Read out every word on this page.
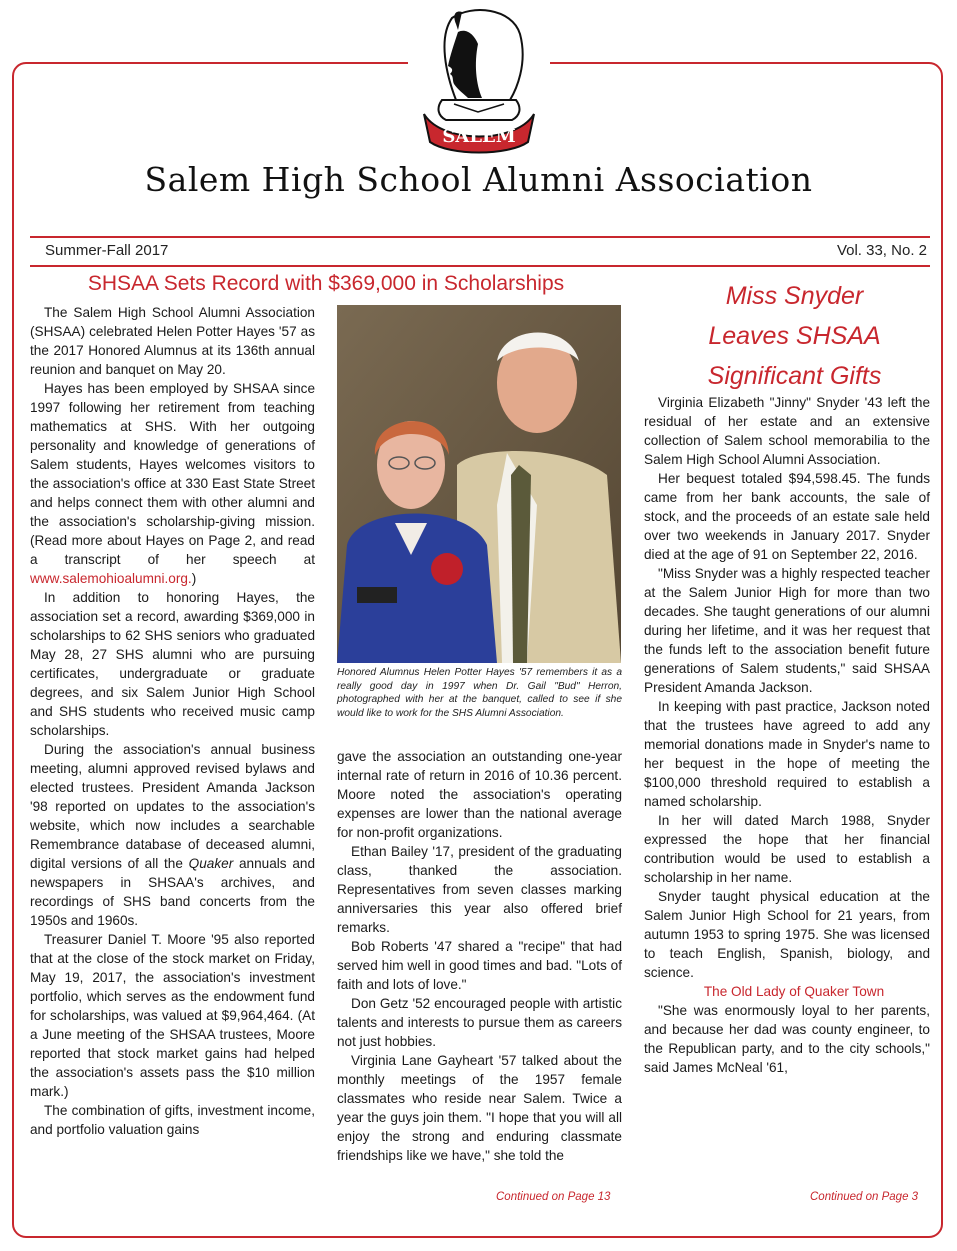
SALEM
Salem High School Alumni Association
Summer-Fall 2017	Vol. 33, No. 2
SHSAA Sets Record with $369,000 in Scholarships

The Salem High School Alumni Association (SHSAA) celebrated Helen Potter Hayes '57 as the 2017 Honored Alumnus at its 136th annual reunion and banquet on May 20.

Hayes has been employed by SHSAA since 1997 following her retirement from teaching mathematics at SHS. With her outgoing personality and knowledge of generations of Salem students, Hayes welcomes visitors to the association's office at 330 East State Street and helps connect them with other alumni and the association's scholarship-giving mission. (Read more about Hayes on Page 2, and read a transcript of her speech at www.salemohioalumni.org.)

In addition to honoring Hayes, the association set a record, awarding $369,000 in scholarships to 62 SHS seniors who graduated May 28, 27 SHS alumni who are pursuing certificates, undergraduate or graduate degrees, and six Salem Junior High School and SHS students who received music camp scholarships.

During the association's annual business meeting, alumni approved revised bylaws and elected trustees. President Amanda Jackson '98 reported on updates to the association's website, which now includes a searchable Remembrance database of deceased alumni, digital versions of all the Quaker annuals and newspapers in SHSAA's archives, and recordings of SHS band concerts from the 1950s and 1960s.

Treasurer Daniel T. Moore '95 also reported that at the close of the stock market on Friday, May 19, 2017, the association's investment portfolio, which serves as the endowment fund for scholarships, was valued at $9,964,464. (At a June meeting of the SHSAA trustees, Moore reported that stock market gains had helped the association's assets pass the $10 million mark.)

The combination of gifts, investment income, and portfolio valuation gains

Honored Alumnus Helen Potter Hayes '57 remembers it as a really good day in 1997 when Dr. Gail "Bud" Herron, photographed with her at the banquet, called to see if she would like to work for the SHS Alumni Association.

gave the association an outstanding one-year internal rate of return in 2016 of 10.36 percent. Moore noted the association's operating expenses are lower than the national average for non-profit organizations.

Ethan Bailey '17, president of the graduating class, thanked the association. Representatives from seven classes marking anniversaries this year also offered brief remarks.

Bob Roberts '47 shared a "recipe" that had served him well in good times and bad. "Lots of faith and lots of love."

Don Getz '52 encouraged people with artistic talents and interests to pursue them as careers not just hobbies.

Virginia Lane Gayheart '57 talked about the monthly meetings of the 1957 female classmates who reside near Salem. Twice a year the guys join them. "I hope that you will all enjoy the strong and enduring classmate friendships like we have," she told the

Continued on Page 13
Miss Snyder
Leaves SHSAA
Significant Gifts

Virginia Elizabeth "Jinny" Snyder '43 left the residual of her estate and an extensive collection of Salem school memorabilia to the Salem High School Alumni Association.

Her bequest totaled $94,598.45. The funds came from her bank accounts, the sale of stock, and the proceeds of an estate sale held over two weekends in January 2017. Snyder died at the age of 91 on September 22, 2016.

"Miss Snyder was a highly respected teacher at the Salem Junior High for more than two decades. She taught generations of our alumni during her lifetime, and it was her request that the funds left to the association benefit future generations of Salem students," said SHSAA President Amanda Jackson.

In keeping with past practice, Jackson noted that the trustees have agreed to add any memorial donations made in Snyder's name to her bequest in the hope of meeting the $100,000 threshold required to establish a named scholarship.

In her will dated March 1988, Snyder expressed the hope that her financial contribution would be used to establish a scholarship in her name.

Snyder taught physical education at the Salem Junior High School for 21 years, from autumn 1953 to spring 1975. She was licensed to teach English, Spanish, biology, and science.

The Old Lady of Quaker Town

"She was enormously loyal to her parents, and because her dad was county engineer, to the Republican party, and to the city schools," said James McNeal '61,

Continued on Page 3
